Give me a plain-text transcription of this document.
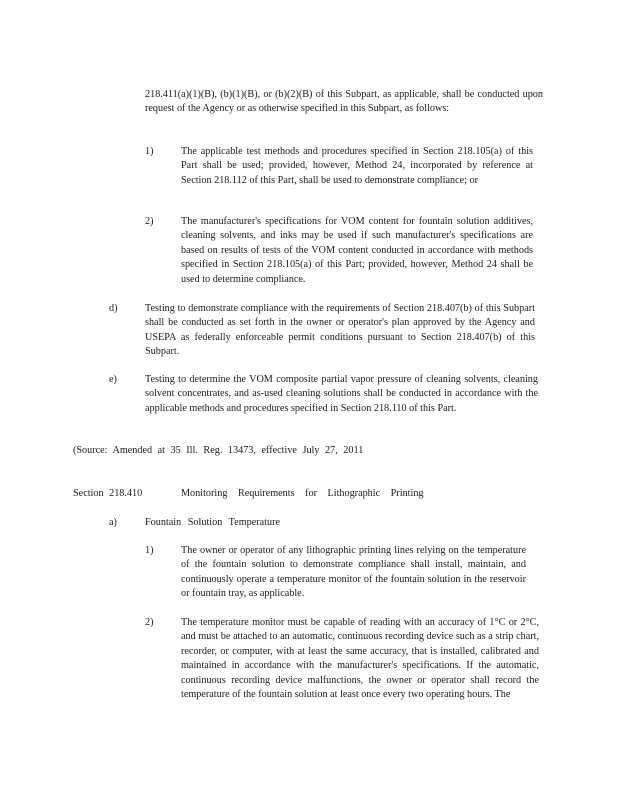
218.411(a)(1)(B), (b)(1)(B), or (b)(2)(B) of this Subpart, as applicable, shall be conducted upon request of the Agency or as otherwise specified in this Subpart, as follows:

1)	The applicable test methods and procedures specified in Section 218.105(a) of this Part shall be used; provided, however, Method 24, incorporated by reference at Section 218.112 of this Part, shall be used to demonstrate compliance; or

2)	The manufacturer's specifications for VOM content for fountain solution additives, cleaning solvents, and inks may be used if such manufacturer's specifications are based on results of tests of the VOM content conducted in accordance with methods specified in Section 218.105(a) of this Part; provided, however, Method 24 shall be used to determine compliance.

d)	Testing to demonstrate compliance with the requirements of Section 218.407(b) of this Subpart shall be conducted as set forth in the owner or operator's plan approved by the Agency and USEPA as federally enforceable permit conditions pursuant to Section 218.407(b) of this Subpart.

e)	Testing to determine the VOM composite partial vapor pressure of cleaning solvents, cleaning solvent concentrates, and as-used cleaning solutions shall be conducted in accordance with the applicable methods and procedures specified in Section 218.110 of this Part.

(Source: Amended at 35 Ill. Reg. 13473, effective July 27, 2011

Section 218.410	Monitoring Requirements for Lithographic Printing

a)	Fountain Solution Temperature

1)	The owner or operator of any lithographic printing lines relying on the temperature of the fountain solution to demonstrate compliance shall install, maintain, and continuously operate a temperature monitor of the fountain solution in the reservoir or fountain tray, as applicable.

2)	The temperature monitor must be capable of reading with an accuracy of 1°C or 2°C, and must be attached to an automatic, continuous recording device such as a strip chart, recorder, or computer, with at least the same accuracy, that is installed, calibrated and maintained in accordance with the manufacturer's specifications. If the automatic, continuous recording device malfunctions, the owner or operator shall record the temperature of the fountain solution at least once every two operating hours. The
